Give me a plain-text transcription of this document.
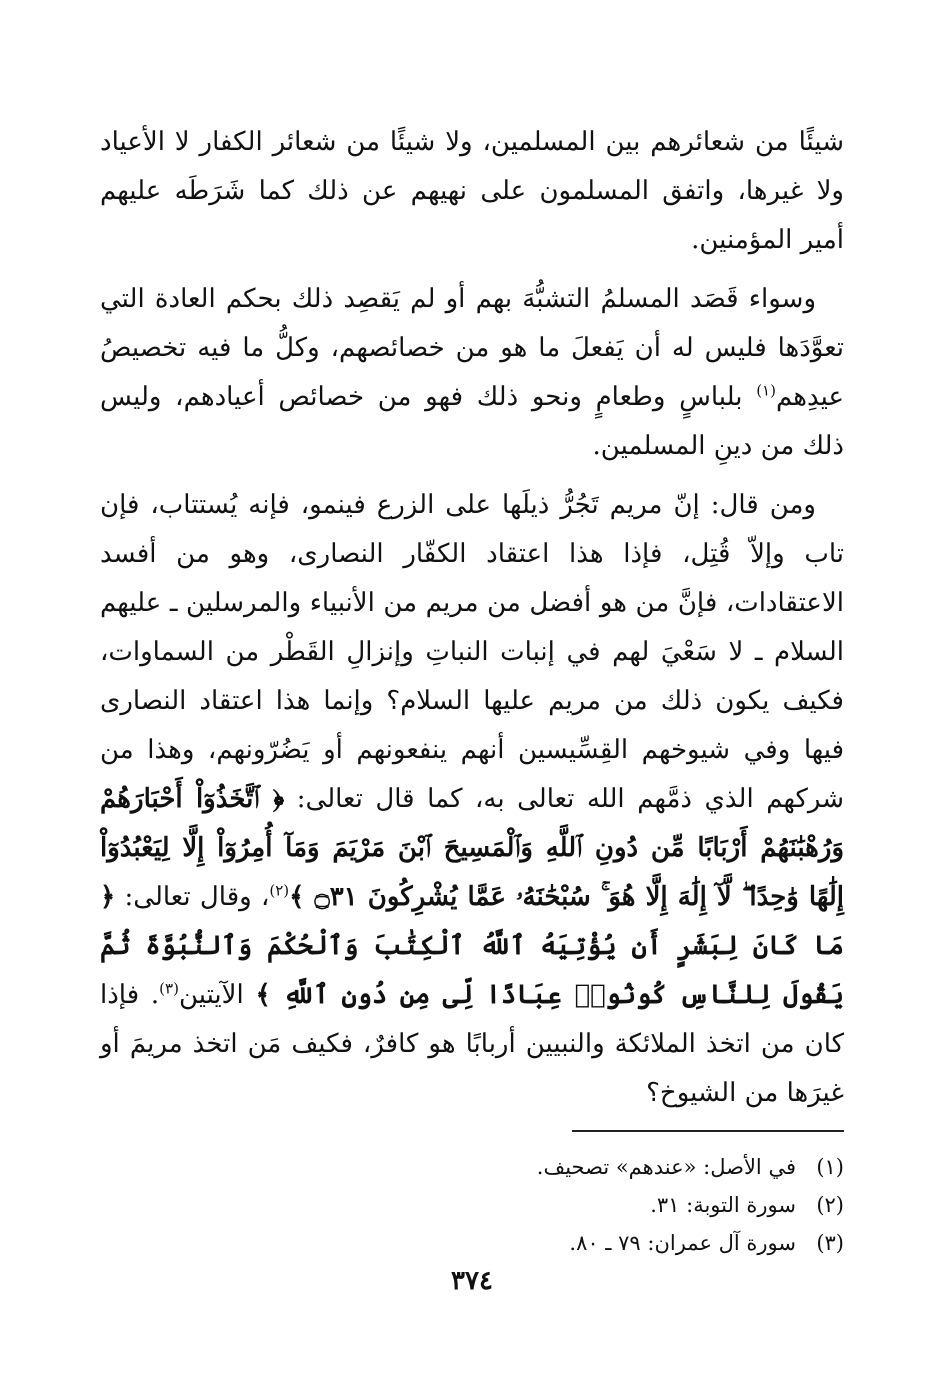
شيئًا من شعائرهم بين المسلمين، ولا شيئًا من شعائر الكفار لا الأعياد ولا غيرها، واتفق المسلمون على نهيهم عن ذلك كما شَرَطَه عليهم أمير المؤمنين.

وسواء قَصَد المسلمُ التشبُّهَ بهم أو لم يَقصِد ذلك بحكم العادة التي تعوَّدَها فليس له أن يَفعلَ ما هو من خصائصهم، وكلُّ ما فيه تخصيصُ عيدِهم$^{(١)}$ بلباسٍ وطعامٍ ونحو ذلك فهو من خصائص أعيادهم، وليس ذلك من دينِ المسلمين.

ومن قال: إنّ مريم تَجُرُّ ذيلَها على الزرع فينمو، فإنه يُستتاب، فإن تاب وإلاّ قُتِل، فإذا هذا اعتقاد الكفّار النصارى، وهو من أفسد الاعتقادات، فإنَّ من هو أفضل من مريم من الأنبياء والمرسلين ـ عليهم السلام ـ لا سَعْيَ لهم في إنبات النباتِ وإنزالِ القَطْر من السماوات، فكيف يكون ذلك من مريم عليها السلام؟ وإنما هذا اعتقاد النصارى فيها وفي شيوخهم القِسِّيسين أنهم ينفعونهم أو يَضُرّونهم، وهذا من شركهم الذي ذمَّهم الله تعالى به، كما قال تعالى: ﴿ ٱتَّخَذُوٓاْ أَحْبَارَهُمْ وَرُهْبَٰنَهُمْ أَرْبَابًا مِّن دُونِ ٱللَّهِ وَٱلْمَسِيحَ ٱبْنَ مَرْيَمَ وَمَآ أُمِرُوٓاْ إِلَّا لِيَعْبُدُوٓاْ إِلَٰهًا وَٰحِدًا ۖ لَّآ إِلَٰهَ إِلَّا هُوَ ۚ سُبْحَٰنَهُۥ عَمَّا يُشْرِكُونَ ۝٣١ ﴾$^{(٢)}$، وقال تعالى: ﴿ مَا كَانَ لِبَشَرٍ أَن يُؤْتِيَهُ ٱللَّهُ ٱلْكِتَٰبَ وَٱلْحُكْمَ وَٱلنُّبُوَّةَ ثُمَّ يَقُولَ لِلنَّاسِ كُونُوا۟ عِبَادًا لِّى مِن دُونِ ٱللَّهِ ﴾ الآيتين$^{(٣)}$. فإذا كان من اتخذ الملائكة والنبيين أربابًا هو كافرٌ، فكيف مَن اتخذ مريمَ أو غيرَها من الشيوخ؟

(١)في الأصل: «عندهم» تصحيف.
(٢)سورة التوبة: ٣١.
(٣)سورة آل عمران: ٧٩ ـ ٨٠.
٣٧٤
